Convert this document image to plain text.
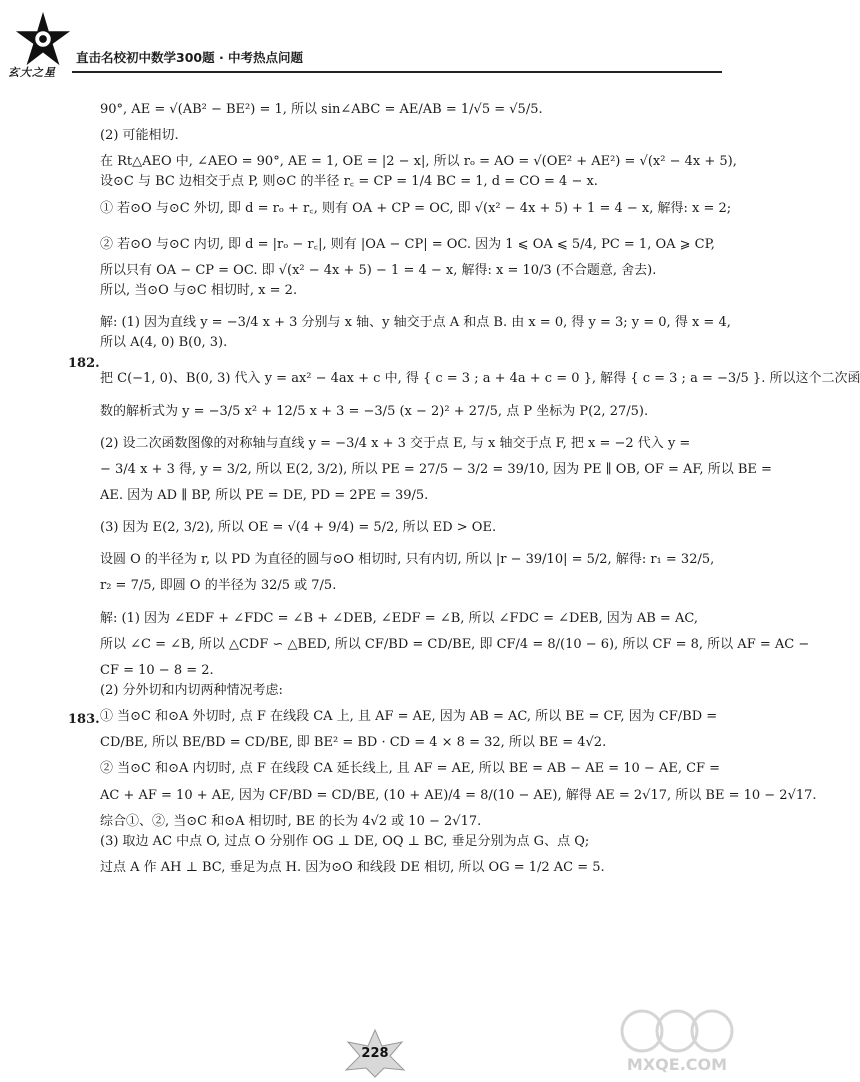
玄大之星
直击名校初中数学300题 · 中考热点问题
182.
183.
90°, AE = √(AB² − BE²) = 1, 所以 sin∠ABC = AE/AB = 1/√5 = √5/5.
(2) 可能相切.
在 Rt△AEO 中, ∠AEO = 90°, AE = 1, OE = |2 − x|, 所以 rₒ = AO = √(OE² + AE²) = √(x² − 4x + 5),
设⊙C 与 BC 边相交于点 P, 则⊙C 的半径 r꜀ = CP = 1/4 BC = 1, d = CO = 4 − x.
① 若⊙O 与⊙C 外切, 即 d = rₒ + r꜀, 则有 OA + CP = OC, 即 √(x² − 4x + 5) + 1 = 4 − x, 解得: x = 2;
② 若⊙O 与⊙C 内切, 即 d = |rₒ − r꜀|, 则有 |OA − CP| = OC. 因为 1 ⩽ OA ⩽ 5/4, PC = 1, OA ⩾ CP,
所以只有 OA − CP = OC. 即 √(x² − 4x + 5) − 1 = 4 − x, 解得: x = 10/3 (不合题意, 舍去).
所以, 当⊙O 与⊙C 相切时, x = 2.
解: (1) 因为直线 y = −3/4 x + 3 分别与 x 轴、y 轴交于点 A 和点 B. 由 x = 0, 得 y = 3; y = 0, 得 x = 4,
所以 A(4, 0) B(0, 3).
把 C(−1, 0)、B(0, 3) 代入 y = ax² − 4ax + c 中, 得 { c = 3 ; a + 4a + c = 0 }, 解得 { c = 3 ; a = −3/5 }. 所以这个二次函
数的解析式为 y = −3/5 x² + 12/5 x + 3 = −3/5 (x − 2)² + 27/5, 点 P 坐标为 P(2, 27/5).
(2) 设二次函数图像的对称轴与直线 y = −3/4 x + 3 交于点 E, 与 x 轴交于点 F, 把 x = −2 代入 y =
− 3/4 x + 3 得, y = 3/2, 所以 E(2, 3/2), 所以 PE = 27/5 − 3/2 = 39/10, 因为 PE ∥ OB, OF = AF, 所以 BE =
AE. 因为 AD ∥ BP, 所以 PE = DE, PD = 2PE = 39/5.
(3) 因为 E(2, 3/2), 所以 OE = √(4 + 9/4) = 5/2, 所以 ED > OE.
设圆 O 的半径为 r, 以 PD 为直径的圆与⊙O 相切时, 只有内切, 所以 |r − 39/10| = 5/2, 解得: r₁ = 32/5,
r₂ = 7/5, 即圆 O 的半径为 32/5 或 7/5.
解: (1) 因为 ∠EDF + ∠FDC = ∠B + ∠DEB, ∠EDF = ∠B, 所以 ∠FDC = ∠DEB, 因为 AB = AC,
所以 ∠C = ∠B, 所以 △CDF ∽ △BED, 所以 CF/BD = CD/BE, 即 CF/4 = 8/(10 − 6), 所以 CF = 8, 所以 AF = AC −
CF = 10 − 8 = 2.
(2) 分外切和内切两种情况考虑:
① 当⊙C 和⊙A 外切时, 点 F 在线段 CA 上, 且 AF = AE, 因为 AB = AC, 所以 BE = CF, 因为 CF/BD =
CD/BE, 所以 BE/BD = CD/BE, 即 BE² = BD · CD = 4 × 8 = 32, 所以 BE = 4√2.
② 当⊙C 和⊙A 内切时, 点 F 在线段 CA 延长线上, 且 AF = AE, 所以 BE = AB − AE = 10 − AE, CF =
AC + AF = 10 + AE, 因为 CF/BD = CD/BE, (10 + AE)/4 = 8/(10 − AE), 解得 AE = 2√17, 所以 BE = 10 − 2√17.
综合①、②, 当⊙C 和⊙A 相切时, BE 的长为 4√2 或 10 − 2√17.
(3) 取边 AC 中点 O, 过点 O 分别作 OG ⊥ DE, OQ ⊥ BC, 垂足分别为点 G、点 Q;
过点 A 作 AH ⊥ BC, 垂足为点 H. 因为⊙O 和线段 DE 相切, 所以 OG = 1/2 AC = 5.
228
MXQE.COM
